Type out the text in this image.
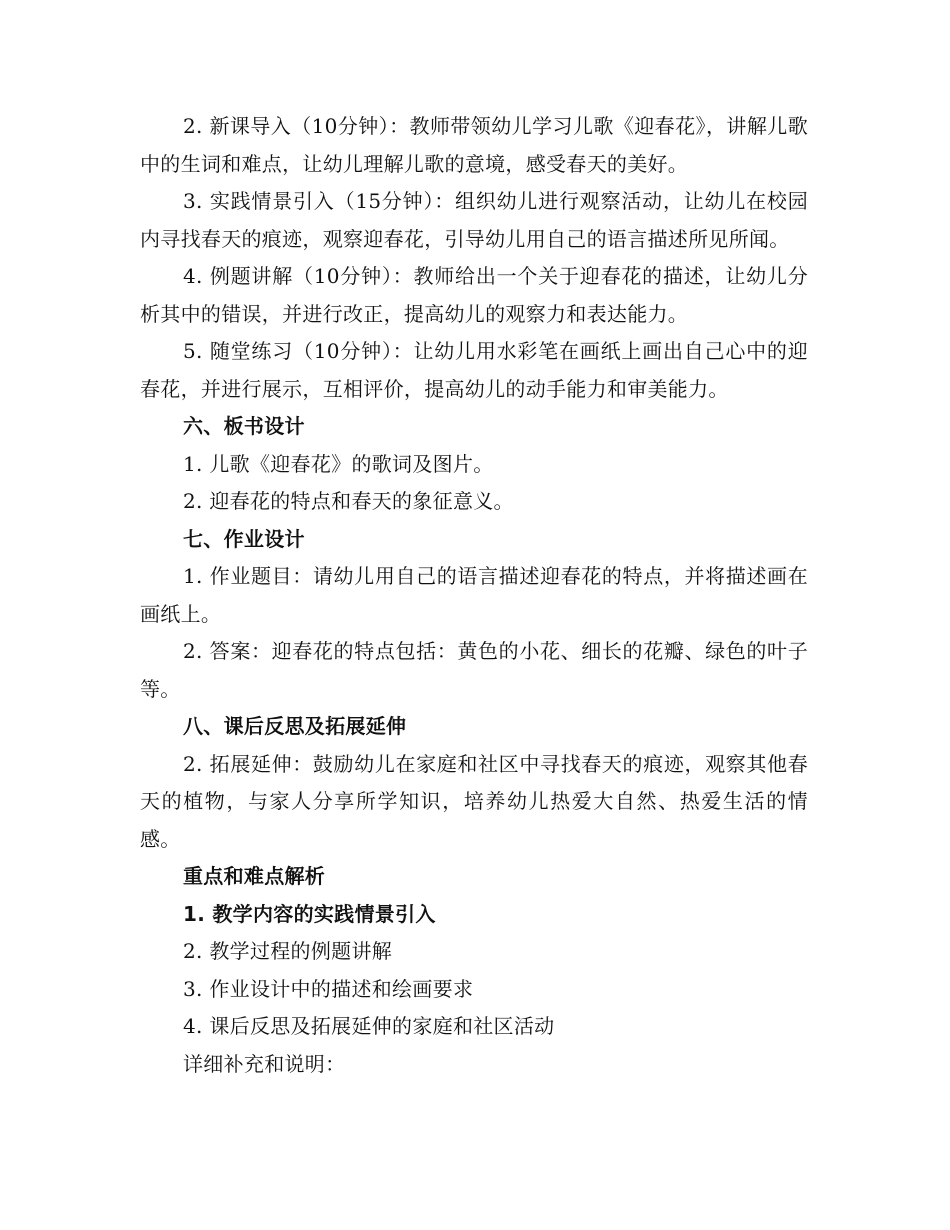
2. 新课导入（10分钟）：教师带领幼儿学习儿歌《迎春花》，讲解儿歌中的生词和难点，让幼儿理解儿歌的意境，感受春天的美好。

3. 实践情景引入（15分钟）：组织幼儿进行观察活动，让幼儿在校园内寻找春天的痕迹，观察迎春花，引导幼儿用自己的语言描述所见所闻。

4. 例题讲解（10分钟）：教师给出一个关于迎春花的描述，让幼儿分析其中的错误，并进行改正，提高幼儿的观察力和表达能力。

5. 随堂练习（10分钟）：让幼儿用水彩笔在画纸上画出自己心中的迎春花，并进行展示，互相评价，提高幼儿的动手能力和审美能力。

六、板书设计

1. 儿歌《迎春花》的歌词及图片。

2. 迎春花的特点和春天的象征意义。

七、作业设计

1. 作业题目：请幼儿用自己的语言描述迎春花的特点，并将描述画在画纸上。

2. 答案：迎春花的特点包括：黄色的小花、细长的花瓣、绿色的叶子等。

八、课后反思及拓展延伸

2. 拓展延伸：鼓励幼儿在家庭和社区中寻找春天的痕迹，观察其他春天的植物，与家人分享所学知识，培养幼儿热爱大自然、热爱生活的情感。

重点和难点解析

1. 教学内容的实践情景引入

2. 教学过程的例题讲解

3. 作业设计中的描述和绘画要求

4. 课后反思及拓展延伸的家庭和社区活动

详细补充和说明：
